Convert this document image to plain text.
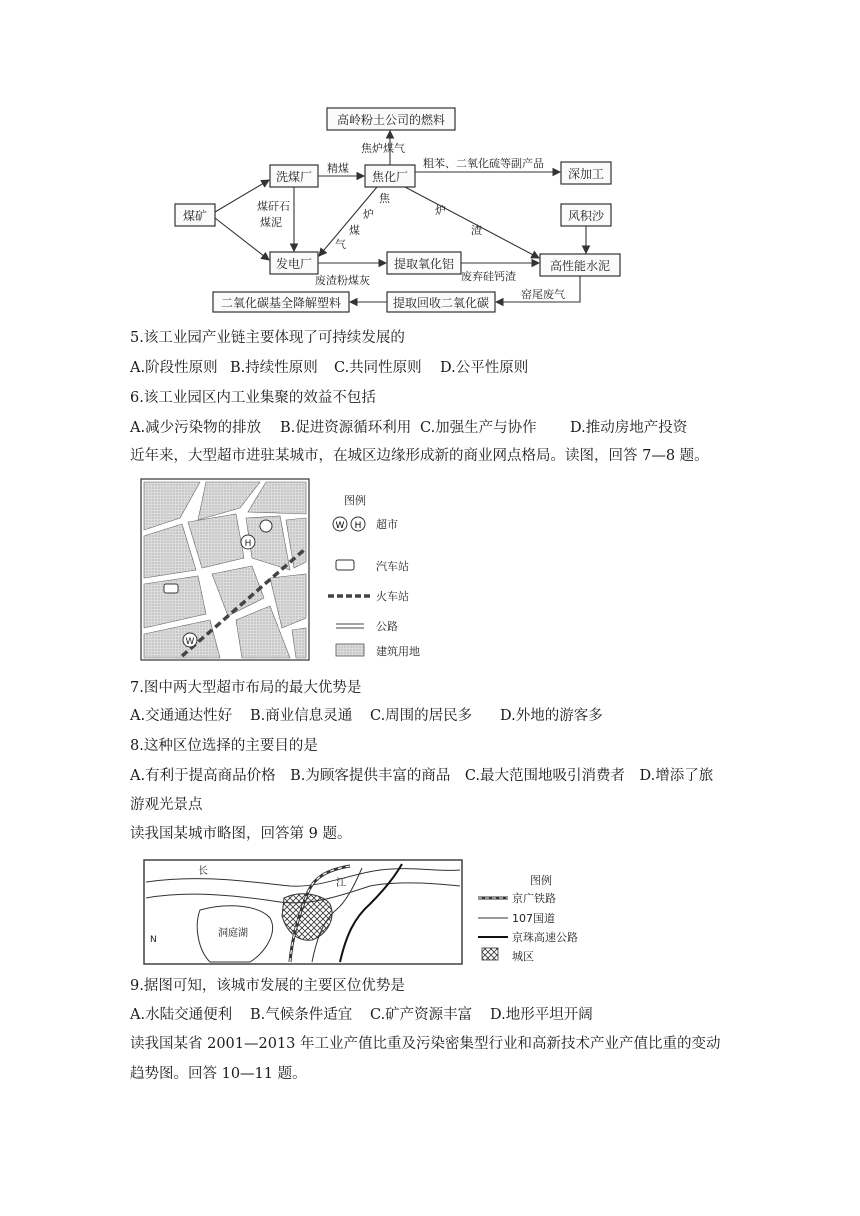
高岭粉土公司的燃料
洗煤厂	焦化厂	深加工
煤矿	风积沙
发电厂	提取氧化铝	高性能水泥
提取回收二氧化碳
二氧化碳基全降解塑料
焦炉煤气
精煤	粗苯、二氧化硫等副产品
煤矸石
煤泥
焦
炉
煤
气
炉
渣
废渣粉煤灰	废弃硅钙渣
窑尾废气
5.该工业园产业链主要体现了可持续发展的
A.阶段性原则 B.持续性原则 C.共同性原则 D.公平性原则
6.该工业园区内工业集聚的效益不包括
A.减少污染物的排放 B.促进资源循环利用 C.加强生产与协作 D.推动房地产投资
近年来，大型超市进驻某城市，在城区边缘形成新的商业网点格局。读图，回答 7—8 题。
H
W
图例
W H 超市
汽车站
火车站
公路
建筑用地
7.图中两大型超市布局的最大优势是
A.交通通达性好 B.商业信息灵通 C.周围的居民多 D.外地的游客多
8.这种区位选择的主要目的是
A.有利于提高商品价格　B.为顾客提供丰富的商品　C.最大范围地吸引消费者　D.增添了旅
游观光景点
读我国某城市略图，回答第 9 题。
长
江
洞庭湖
N
图例
京广铁路
107国道
京珠高速公路
城区
9.据图可知，该城市发展的主要区位优势是
A.水陆交通便利 B.气候条件适宜 C.矿产资源丰富 D.地形平坦开阔
读我国某省 2001—2013 年工业产值比重及污染密集型行业和高新技术产业产值比重的变动
趋势图。回答 10—11 题。
